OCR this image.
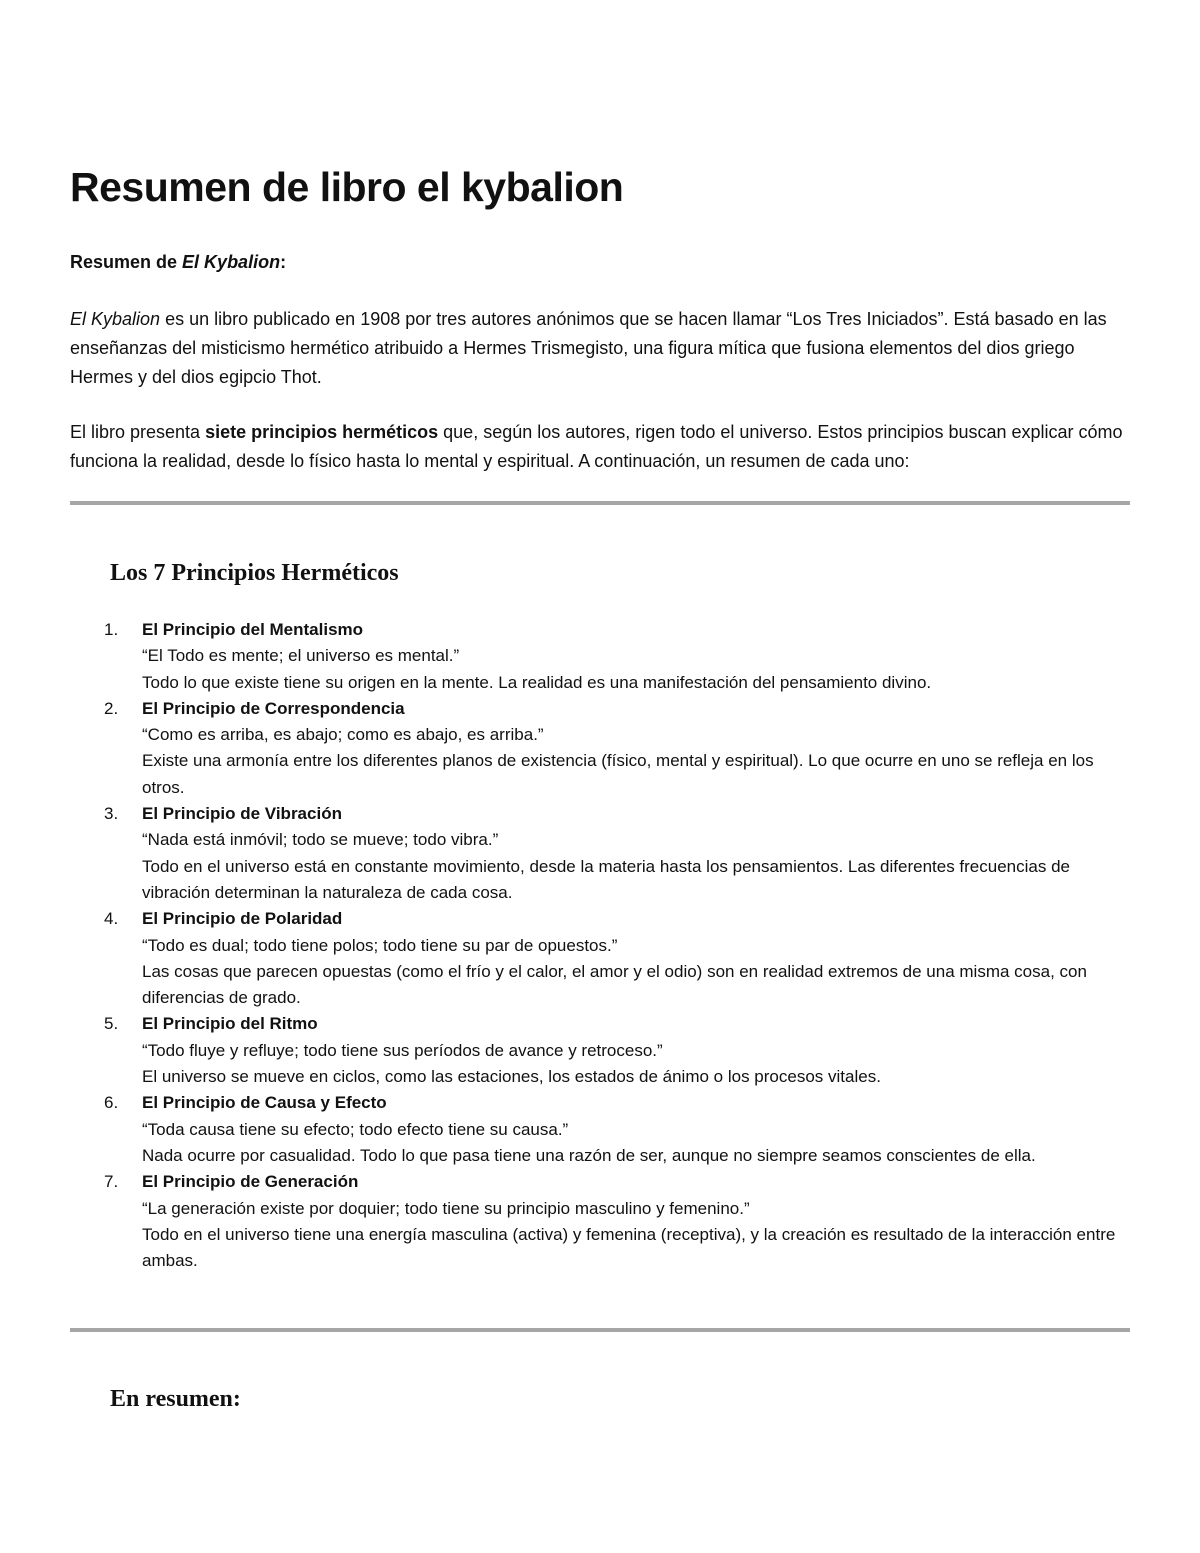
Resumen de libro el kybalion
Resumen de El Kybalion:

El Kybalion es un libro publicado en 1908 por tres autores anónimos que se hacen llamar “Los Tres Iniciados”. Está basado en las enseñanzas del misticismo hermético atribuido a Hermes Trismegisto, una figura mítica que fusiona elementos del dios griego Hermes y del dios egipcio Thot.

El libro presenta siete principios herméticos que, según los autores, rigen todo el universo. Estos principios buscan explicar cómo funciona la realidad, desde lo físico hasta lo mental y espiritual. A continuación, un resumen de cada uno:

Los 7 Principios Herméticos
1. El Principio del Mentalismo
“El Todo es mente; el universo es mental.”
Todo lo que existe tiene su origen en la mente. La realidad es una manifestación del pensamiento divino.
2. El Principio de Correspondencia
“Como es arriba, es abajo; como es abajo, es arriba.”
Existe una armonía entre los diferentes planos de existencia (físico, mental y espiritual). Lo que ocurre en uno se refleja en los otros.
3. El Principio de Vibración
“Nada está inmóvil; todo se mueve; todo vibra.”
Todo en el universo está en constante movimiento, desde la materia hasta los pensamientos. Las diferentes frecuencias de vibración determinan la naturaleza de cada cosa.
4. El Principio de Polaridad
“Todo es dual; todo tiene polos; todo tiene su par de opuestos.”
Las cosas que parecen opuestas (como el frío y el calor, el amor y el odio) son en realidad extremos de una misma cosa, con diferencias de grado.
5. El Principio del Ritmo
“Todo fluye y refluye; todo tiene sus períodos de avance y retroceso.”
El universo se mueve en ciclos, como las estaciones, los estados de ánimo o los procesos vitales.
6. El Principio de Causa y Efecto
“Toda causa tiene su efecto; todo efecto tiene su causa.”
Nada ocurre por casualidad. Todo lo que pasa tiene una razón de ser, aunque no siempre seamos conscientes de ella.
7. El Principio de Generación
“La generación existe por doquier; todo tiene su principio masculino y femenino.”
Todo en el universo tiene una energía masculina (activa) y femenina (receptiva), y la creación es resultado de la interacción entre ambas.
En resumen:
